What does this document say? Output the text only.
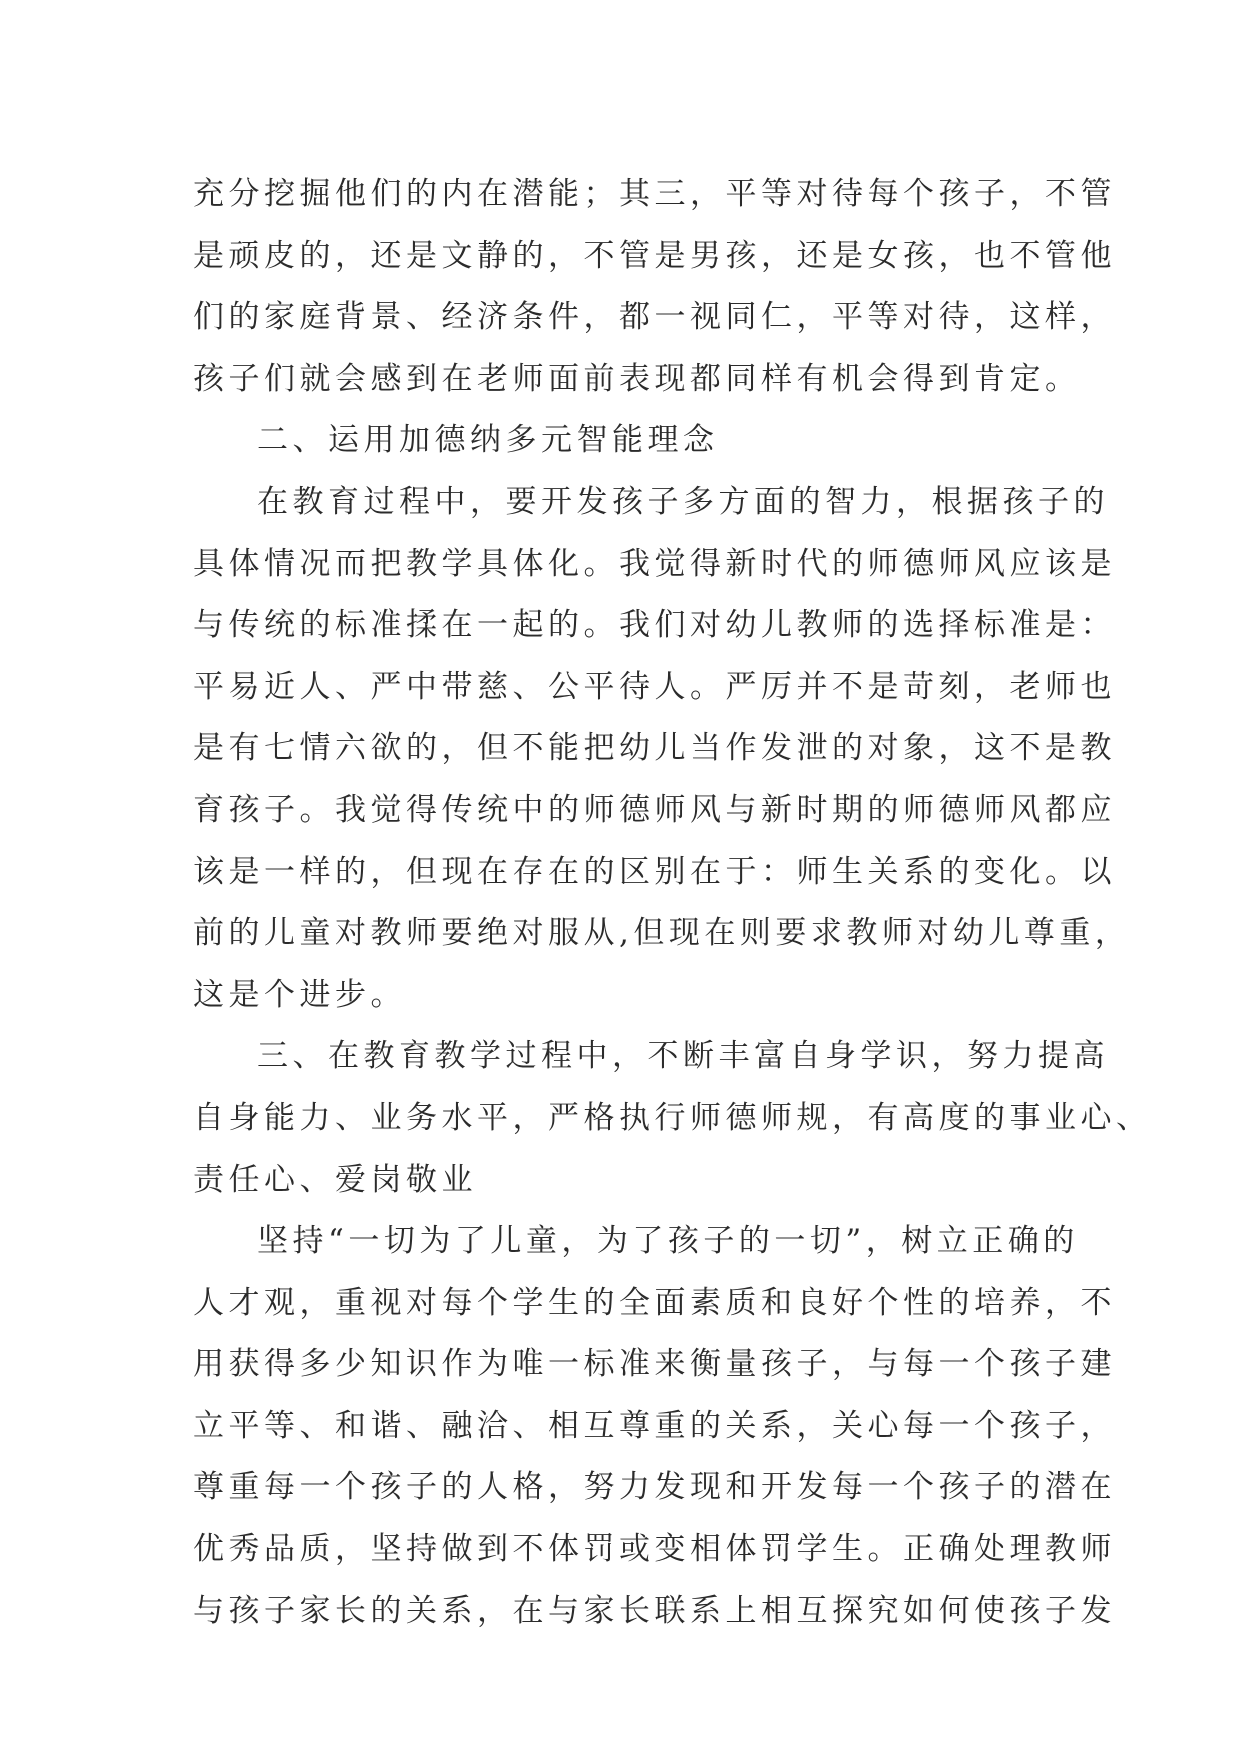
充分挖掘他们的内在潜能；其三，平等对待每个孩子，不管
是顽皮的，还是文静的，不管是男孩，还是女孩，也不管他
们的家庭背景、经济条件，都一视同仁，平等对待，这样，
孩子们就会感到在老师面前表现都同样有机会得到肯定。
二、运用加德纳多元智能理念
在教育过程中，要开发孩子多方面的智力，根据孩子的
具体情况而把教学具体化。我觉得新时代的师德师风应该是
与传统的标准揉在一起的。我们对幼儿教师的选择标准是：
平易近人、严中带慈、公平待人。严厉并不是苛刻，老师也
是有七情六欲的，但不能把幼儿当作发泄的对象，这不是教
育孩子。我觉得传统中的师德师风与新时期的师德师风都应
该是一样的，但现在存在的区别在于：师生关系的变化。以
前的儿童对教师要绝对服从,但现在则要求教师对幼儿尊重，
这是个进步。
三、在教育教学过程中，不断丰富自身学识，努力提高
自身能力、业务水平，严格执行师德师规，有高度的事业心、
责任心、爱岗敬业
坚持“一切为了儿童，为了孩子的一切”，树立正确的
人才观，重视对每个学生的全面素质和良好个性的培养，不
用获得多少知识作为唯一标准来衡量孩子，与每一个孩子建
立平等、和谐、融洽、相互尊重的关系，关心每一个孩子，
尊重每一个孩子的人格，努力发现和开发每一个孩子的潜在
优秀品质，坚持做到不体罚或变相体罚学生。正确处理教师
与孩子家长的关系，在与家长联系上相互探究如何使孩子发
